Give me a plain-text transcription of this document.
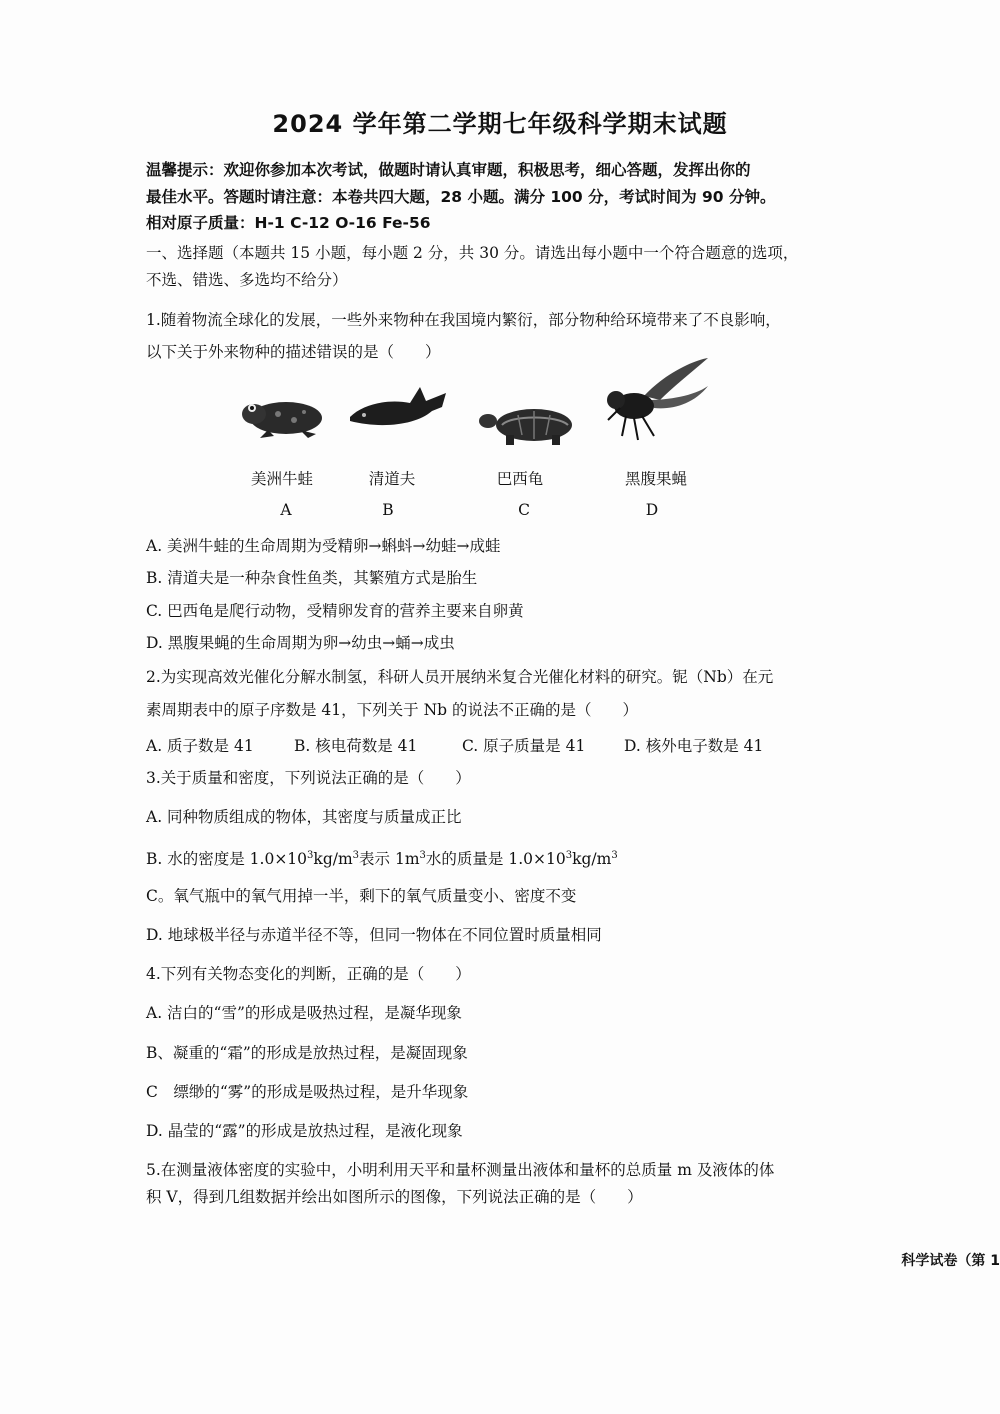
2024 学年第二学期七年级科学期末试题
温馨提示：欢迎你参加本次考试，做题时请认真审题，积极思考，细心答题，发挥出你的
最佳水平。答题时请注意：本卷共四大题，28 小题。满分 100 分，考试时间为 90 分钟。
相对原子质量：H-1 C-12 O-16 Fe-56
一、选择题（本题共 15 小题，每小题 2 分，共 30 分。请选出每小题中一个符合题意的选项，
不选、错选、多选均不给分）
1.随着物流全球化的发展，一些外来物种在我国境内繁衍，部分物种给环境带来了不良影响，
以下关于外来物种的描述错误的是（　　）
美洲牛蛙	清道夫	巴西龟	黑腹果蝇
A	B	C	D
A. 美洲牛蛙的生命周期为受精卵→蝌蚪→幼蛙→成蛙
B. 清道夫是一种杂食性鱼类，其繁殖方式是胎生
C. 巴西龟是爬行动物，受精卵发育的营养主要来自卵黄
D. 黑腹果蝇的生命周期为卵→幼虫→蛹→成虫
2.为实现高效光催化分解水制氢，科研人员开展纳米复合光催化材料的研究。铌（Nb）在元
素周期表中的原子序数是 41，下列关于 Nb 的说法不正确的是（　　）
A. 质子数是 41	B. 核电荷数是 41	C. 原子质量是 41 D. 核外电子数是 41
3.关于质量和密度，下列说法正确的是（　　）
A. 同种物质组成的物体，其密度与质量成正比
B. 水的密度是 $1.0\times 10^3kg/m^3$表示 $1m^3$水的质量是 $1.0\times 10^3kg/m^3$
C。氧气瓶中的氧气用掉一半，剩下的氧气质量变小、密度不变
D. 地球极半径与赤道半径不等，但同一物体在不同位置时质量相同
4.下列有关物态变化的判断，正确的是（　　）
A. 洁白的“雪”的形成是吸热过程，是凝华现象
B、凝重的“霜”的形成是放热过程，是凝固现象
C　缥缈的“雾”的形成是吸热过程，是升华现象
D. 晶莹的“露”的形成是放热过程，是液化现象
5.在测量液体密度的实验中，小明利用天平和量杯测量出液体和量杯的总质量 m 及液体的体
积 V，得到几组数据并绘出如图所示的图像，下列说法正确的是（　　）
科学试卷（第 1
